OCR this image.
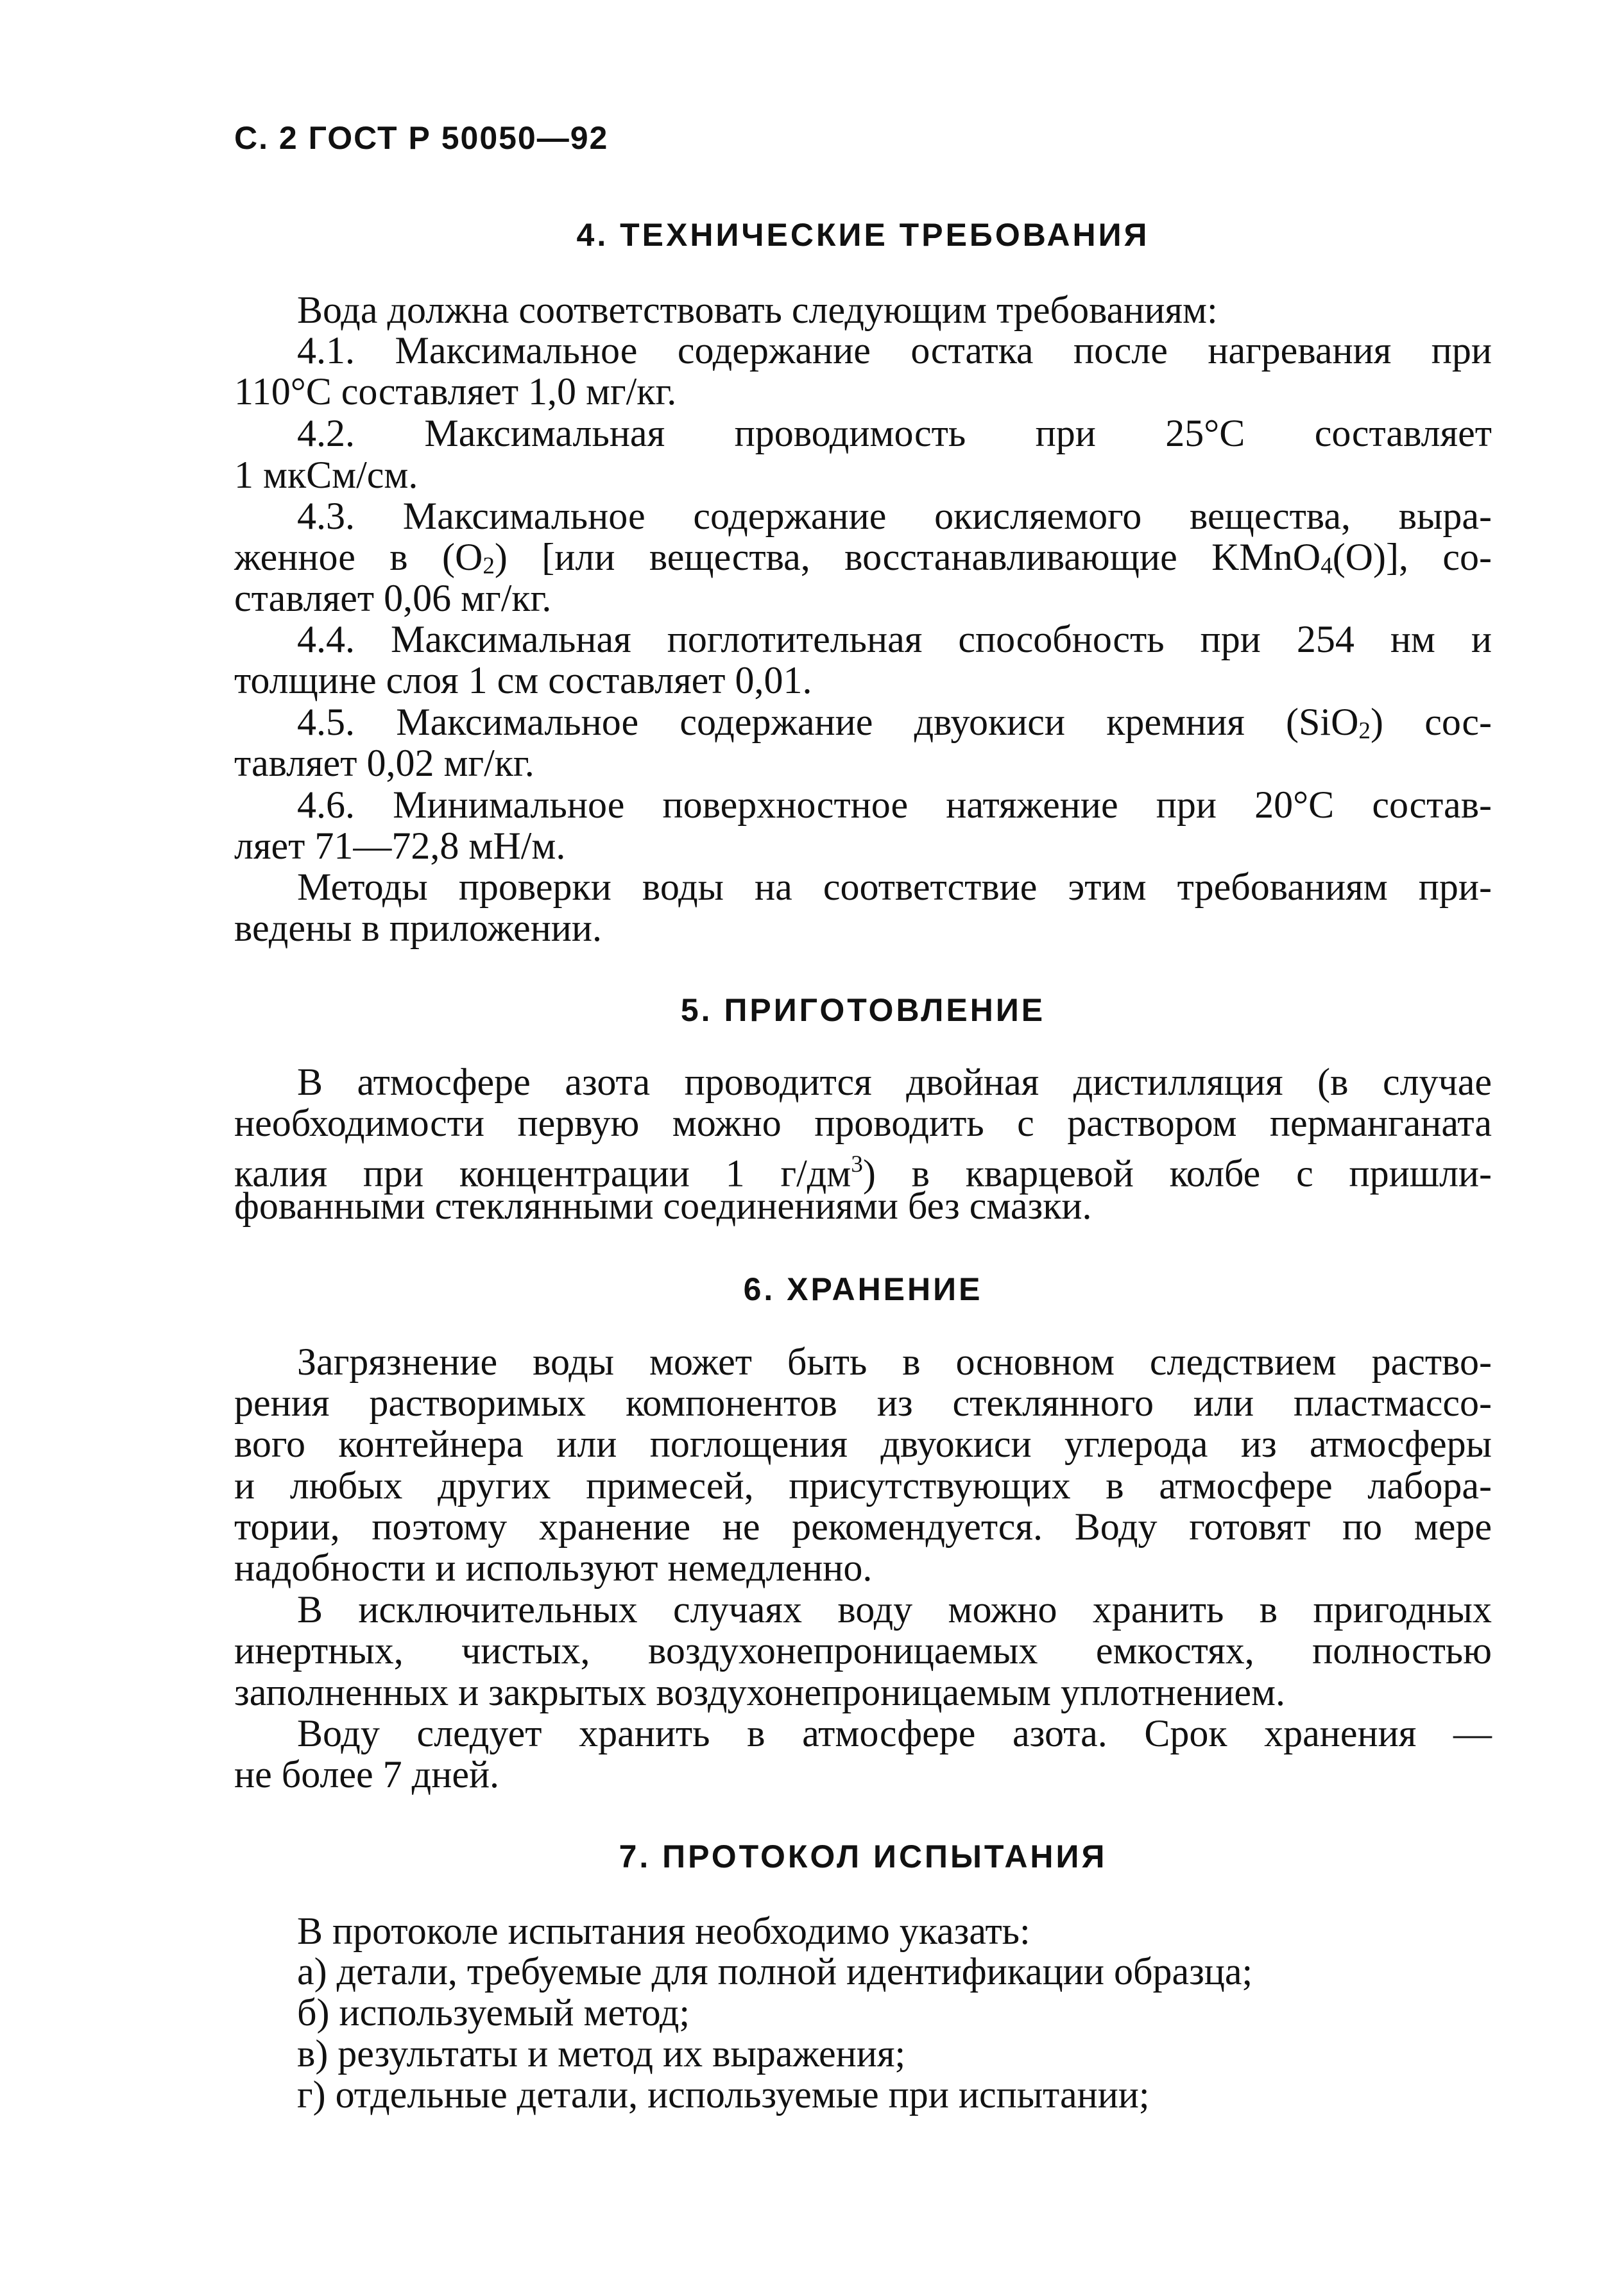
С. 2 ГОСТ Р 50050—92
4. ТЕХНИЧЕСКИЕ ТРЕБОВАНИЯ
Вода должна соответствовать следующим требованиям:
4.1. Максимальное содержание остатка после нагревания при
110°С составляет 1,0 мг/кг.
4.2. Максимальная проводимость при 25°С составляет
1 мкСм/см.
4.3. Максимальное содержание окисляемого вещества, выра-
женное в $(О_2)$ [или вещества, восстанавливающие KMnO$_4$(О)], со-
ставляет 0,06 мг/кг.
4.4. Максимальная поглотительная способность при 254 нм и
толщине слоя 1 см составляет 0,01.
4.5. Максимальное содержание двуокиси кремния (SiO$_2$) сос-
тавляет 0,02 мг/кг.
4.6. Минимальное поверхностное натяжение при 20°С состав-
ляет 71—72,8 мН/м.
Методы проверки воды на соответствие этим требованиям при-
ведены в приложении.
5. ПРИГОТОВЛЕНИЕ
В атмосфере азота проводится двойная дистилляция (в случае
необходимости первую можно проводить с раствором перманганата
калия при концентрации 1 $г/дм^3$) в кварцевой колбе с пришли-
фованными стеклянными соединениями без смазки.
6. ХРАНЕНИЕ
Загрязнение воды может быть в основном следствием раство-
рения растворимых компонентов из стеклянного или пластмассо-
вого контейнера или поглощения двуокиси углерода из атмосферы
и любых других примесей, присутствующих в атмосфере лабора-
тории, поэтому хранение не рекомендуется. Воду готовят по мере
надобности и используют немедленно.
В исключительных случаях воду можно хранить в пригодных
инертных, чистых, воздухонепроницаемых емкостях, полностью
заполненных и закрытых воздухонепроницаемым уплотнением.
Воду следует хранить в атмосфере азота. Срок хранения —
не более 7 дней.
7. ПРОТОКОЛ ИСПЫТАНИЯ
В протоколе испытания необходимо указать:
а) детали, требуемые для полной идентификации образца;
б) используемый метод;
в) результаты и метод их выражения;
г) отдельные детали, используемые при испытании;
